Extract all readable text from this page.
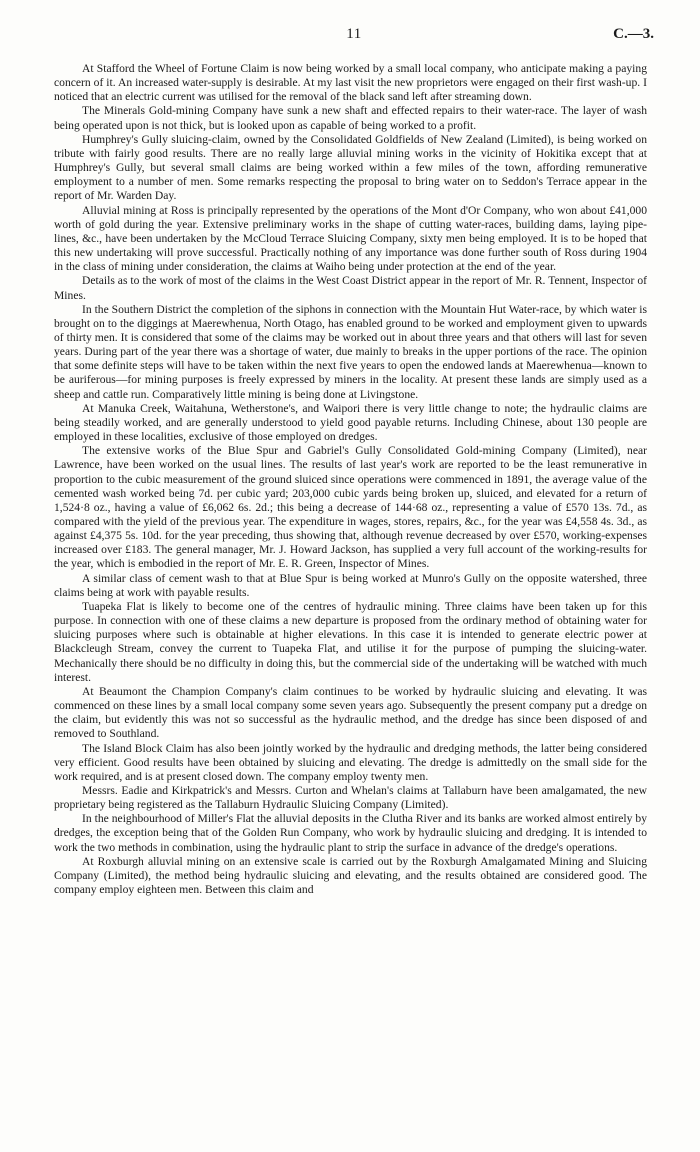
11	C.—3.

At Stafford the Wheel of Fortune Claim is now being worked by a small local company, who anticipate making a paying concern of it. An increased water-supply is desirable. At my last visit the new proprietors were engaged on their first wash-up. I noticed that an electric current was utilised for the removal of the black sand left after streaming down.

The Minerals Gold-mining Company have sunk a new shaft and effected repairs to their water-race. The layer of wash being operated upon is not thick, but is looked upon as capable of being worked to a profit.

Humphrey's Gully sluicing-claim, owned by the Consolidated Goldfields of New Zealand (Limited), is being worked on tribute with fairly good results. There are no really large alluvial mining works in the vicinity of Hokitika except that at Humphrey's Gully, but several small claims are being worked within a few miles of the town, affording remunerative employment to a number of men. Some remarks respecting the proposal to bring water on to Seddon's Terrace appear in the report of Mr. Warden Day.

Alluvial mining at Ross is principally represented by the operations of the Mont d'Or Company, who won about £41,000 worth of gold during the year. Extensive preliminary works in the shape of cutting water-races, building dams, laying pipe-lines, &c., have been undertaken by the McCloud Terrace Sluicing Company, sixty men being employed. It is to be hoped that this new undertaking will prove successful. Practically nothing of any importance was done further south of Ross during 1904 in the class of mining under consideration, the claims at Waiho being under protection at the end of the year.

Details as to the work of most of the claims in the West Coast District appear in the report of Mr. R. Tennent, Inspector of Mines.

In the Southern District the completion of the siphons in connection with the Mountain Hut Water-race, by which water is brought on to the diggings at Maerewhenua, North Otago, has enabled ground to be worked and employment given to upwards of thirty men. It is considered that some of the claims may be worked out in about three years and that others will last for seven years. During part of the year there was a shortage of water, due mainly to breaks in the upper portions of the race. The opinion that some definite steps will have to be taken within the next five years to open the endowed lands at Maerewhenua—known to be auriferous—for mining purposes is freely expressed by miners in the locality. At present these lands are simply used as a sheep and cattle run. Comparatively little mining is being done at Livingstone.

At Manuka Creek, Waitahuna, Wetherstone's, and Waipori there is very little change to note; the hydraulic claims are being steadily worked, and are generally understood to yield good payable returns. Including Chinese, about 130 people are employed in these localities, exclusive of those employed on dredges.

The extensive works of the Blue Spur and Gabriel's Gully Consolidated Gold-mining Company (Limited), near Lawrence, have been worked on the usual lines. The results of last year's work are reported to be the least remunerative in proportion to the cubic measurement of the ground sluiced since operations were commenced in 1891, the average value of the cemented wash worked being 7d. per cubic yard; 203,000 cubic yards being broken up, sluiced, and elevated for a return of 1,524·8 oz., having a value of £6,062 6s. 2d.; this being a decrease of 144·68 oz., representing a value of £570 13s. 7d., as compared with the yield of the previous year. The expenditure in wages, stores, repairs, &c., for the year was £4,558 4s. 3d., as against £4,375 5s. 10d. for the year preceding, thus showing that, although revenue decreased by over £570, working-expenses increased over £183. The general manager, Mr. J. Howard Jackson, has supplied a very full account of the working-results for the year, which is embodied in the report of Mr. E. R. Green, Inspector of Mines.

A similar class of cement wash to that at Blue Spur is being worked at Munro's Gully on the opposite watershed, three claims being at work with payable results.

Tuapeka Flat is likely to become one of the centres of hydraulic mining. Three claims have been taken up for this purpose. In connection with one of these claims a new departure is proposed from the ordinary method of obtaining water for sluicing purposes where such is obtainable at higher elevations. In this case it is intended to generate electric power at Blackcleugh Stream, convey the current to Tuapeka Flat, and utilise it for the purpose of pumping the sluicing-water. Mechanically there should be no difficulty in doing this, but the commercial side of the undertaking will be watched with much interest.

At Beaumont the Champion Company's claim continues to be worked by hydraulic sluicing and elevating. It was commenced on these lines by a small local company some seven years ago. Subsequently the present company put a dredge on the claim, but evidently this was not so successful as the hydraulic method, and the dredge has since been disposed of and removed to Southland.

The Island Block Claim has also been jointly worked by the hydraulic and dredging methods, the latter being considered very efficient. Good results have been obtained by sluicing and elevating. The dredge is admittedly on the small side for the work required, and is at present closed down. The company employ twenty men.

Messrs. Eadie and Kirkpatrick's and Messrs. Curton and Whelan's claims at Tallaburn have been amalgamated, the new proprietary being registered as the Tallaburn Hydraulic Sluicing Company (Limited).

In the neighbourhood of Miller's Flat the alluvial deposits in the Clutha River and its banks are worked almost entirely by dredges, the exception being that of the Golden Run Company, who work by hydraulic sluicing and dredging. It is intended to work the two methods in combination, using the hydraulic plant to strip the surface in advance of the dredge's operations.

At Roxburgh alluvial mining on an extensive scale is carried out by the Roxburgh Amalgamated Mining and Sluicing Company (Limited), the method being hydraulic sluicing and elevating, and the results obtained are considered good. The company employ eighteen men. Between this claim and
